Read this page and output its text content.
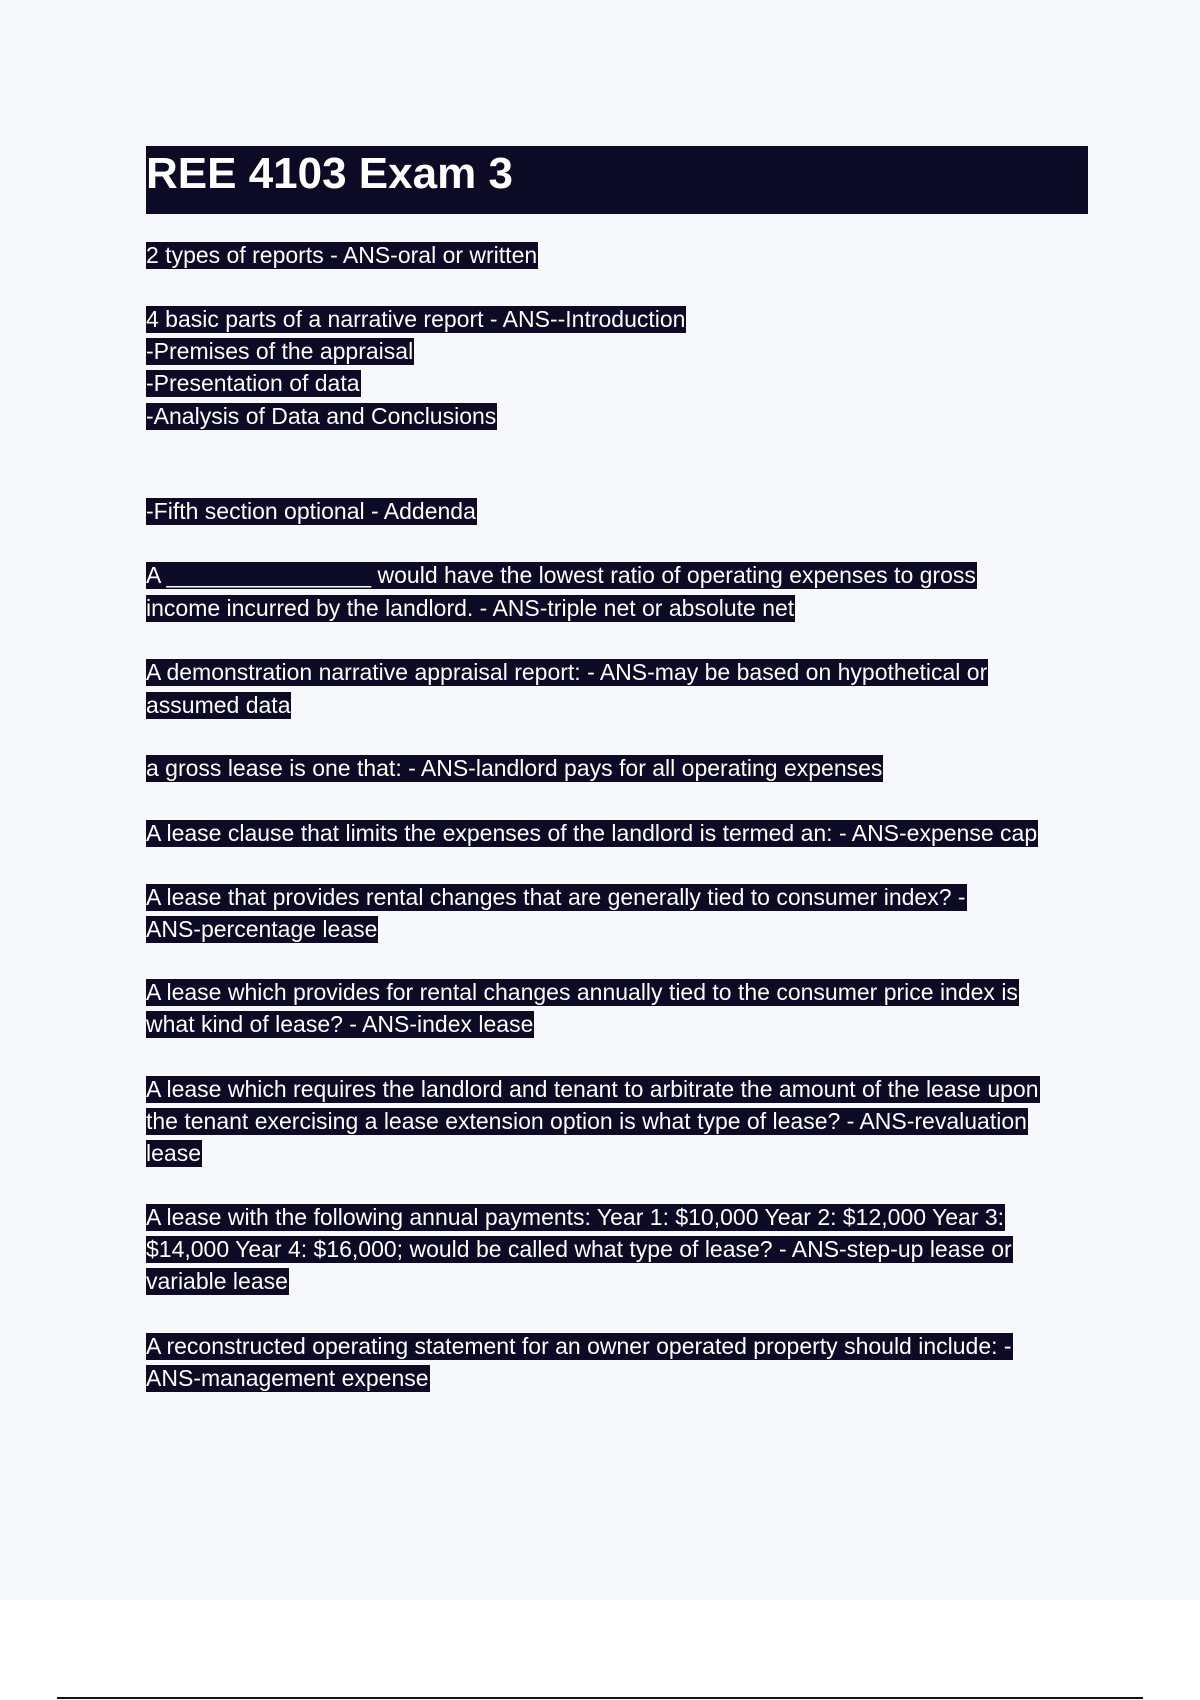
REE 4103 Exam 3
2 types of reports - ANS-oral or written
4 basic parts of a narrative report - ANS--Introduction
-Premises of the appraisal
-Presentation of data
-Analysis of Data and Conclusions
-Fifth section optional - Addenda
A ________________ would have the lowest ratio of operating expenses to gross
income incurred by the landlord. - ANS-triple net or absolute net
A demonstration narrative appraisal report: - ANS-may be based on hypothetical or
assumed data
a gross lease is one that: - ANS-landlord pays for all operating expenses
A lease clause that limits the expenses of the landlord is termed an: - ANS-expense cap
A lease that provides rental changes that are generally tied to consumer index? -
ANS-percentage lease
A lease which provides for rental changes annually tied to the consumer price index is
what kind of lease? - ANS-index lease
A lease which requires the landlord and tenant to arbitrate the amount of the lease upon
the tenant exercising a lease extension option is what type of lease? - ANS-revaluation
lease
A lease with the following annual payments: Year 1: $10,000 Year 2: $12,000 Year 3:
$14,000 Year 4: $16,000; would be called what type of lease? - ANS-step-up lease or
variable lease
A reconstructed operating statement for an owner operated property should include: -
ANS-management expense
